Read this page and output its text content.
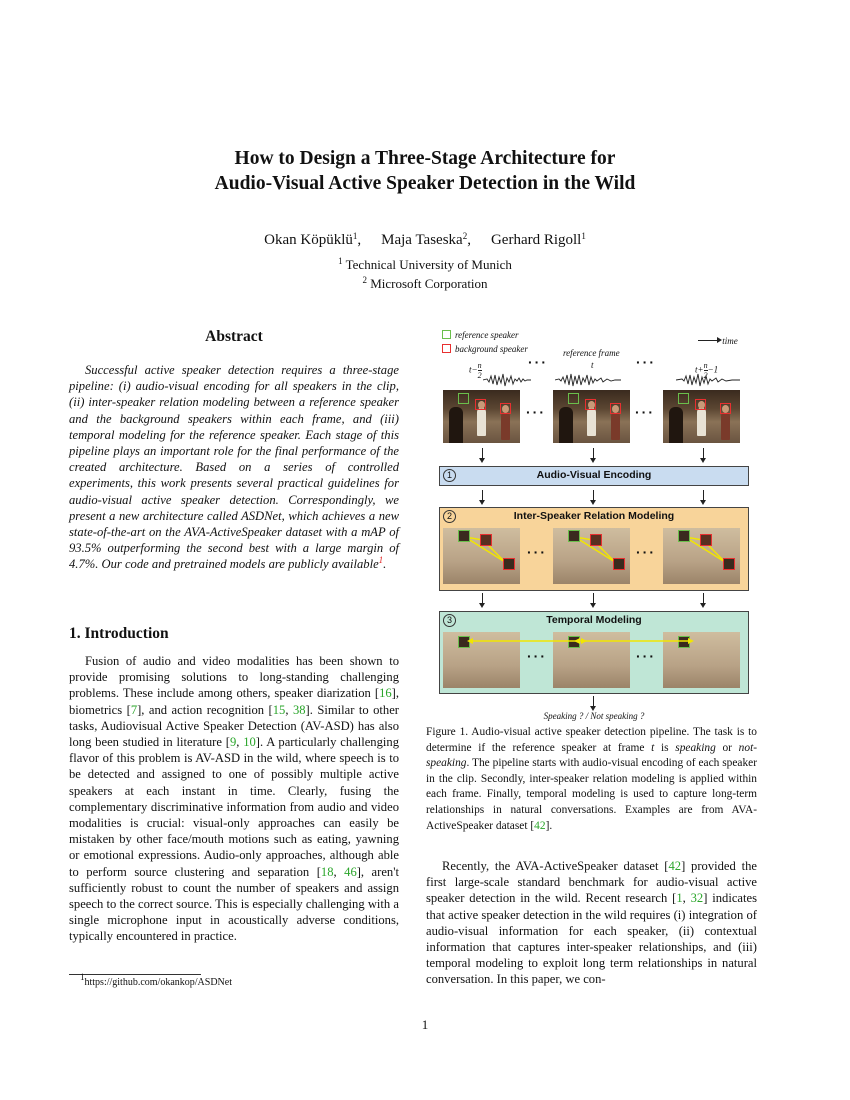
How to Design a Three-Stage Architecture for
Audio-Visual Active Speaker Detection in the Wild
Okan Köpüklü$^1$, Maja Taseska$^2$, Gerhard Rigoll$^1$
$^1$ Technical University of Munich
$^2$ Microsoft Corporation
Abstract
Successful active speaker detection requires a three-stage pipeline: (i) audio-visual encoding for all speakers in the clip, (ii) inter-speaker relation modeling between a reference speaker and the background speakers within each frame, and (iii) temporal modeling for the reference speaker. Each stage of this pipeline plays an important role for the final performance of the created architecture. Based on a series of controlled experiments, this work presents several practical guidelines for audio-visual active speaker detection. Correspondingly, we present a new architecture called ASDNet, which achieves a new state-of-the-art on the AVA-ActiveSpeaker dataset with a mAP of 93.5% outperforming the second best with a large margin of 4.7%. Our code and pretrained models are publicly available$^1$.
1. Introduction
Fusion of audio and video modalities has been shown to provide promising solutions to long-standing challenging problems. These include among others, speaker diarization [16], biometrics [7], and action recognition [15, 38]. Similar to other tasks, Audiovisual Active Speaker Detection (AV-ASD) has also long been studied in literature [9, 10]. A particularly challenging flavor of this problem is AV-ASD in the wild, where speech is to be detected and assigned to one of possibly multiple active speakers at each instant in time. Clearly, fusing the complementary discriminative information from audio and video modalities is crucial: visual-only approaches can easily be mistaken by other face/mouth motions such as eating, yawning or emotional expressions. Audio-only approaches, although able to perform source clustering and separation [18, 46], aren't sufficiently robust to count the number of speakers and assign speech to the correct source. This is especially challenging with a single microphone input in acoustically adverse conditions, typically encountered in practice.
$^1$https://github.com/okankop/ASDNet
reference speaker
background speaker
time
reference frame
t
$t- \frac{n}{2}$	$t+ \frac{n}{2} -1$
···	···
···	···
1	Audio-Visual Encoding
2	Inter-Speaker Relation Modeling
···	···
3	Temporal Modeling
···	···
Speaking ? / Not speaking ?
Figure 1. Audio-visual active speaker detection pipeline. The task is to determine if the reference speaker at frame t is speaking or not-speaking. The pipeline starts with audio-visual encoding of each speaker in the clip. Secondly, inter-speaker relation modeling is applied within each frame. Finally, temporal modeling is used to capture long-term relationships in natural conversations. Examples are from AVA-ActiveSpeaker dataset [42].
Recently, the AVA-ActiveSpeaker dataset [42] provided the first large-scale standard benchmark for audio-visual active speaker detection in the wild. Recent research [1, 32] indicates that active speaker detection in the wild requires (i) integration of audio-visual information for each speaker, (ii) contextual information that captures inter-speaker relationships, and (iii) temporal modeling to exploit long term relationships in natural conversation. In this paper, we con-
1
